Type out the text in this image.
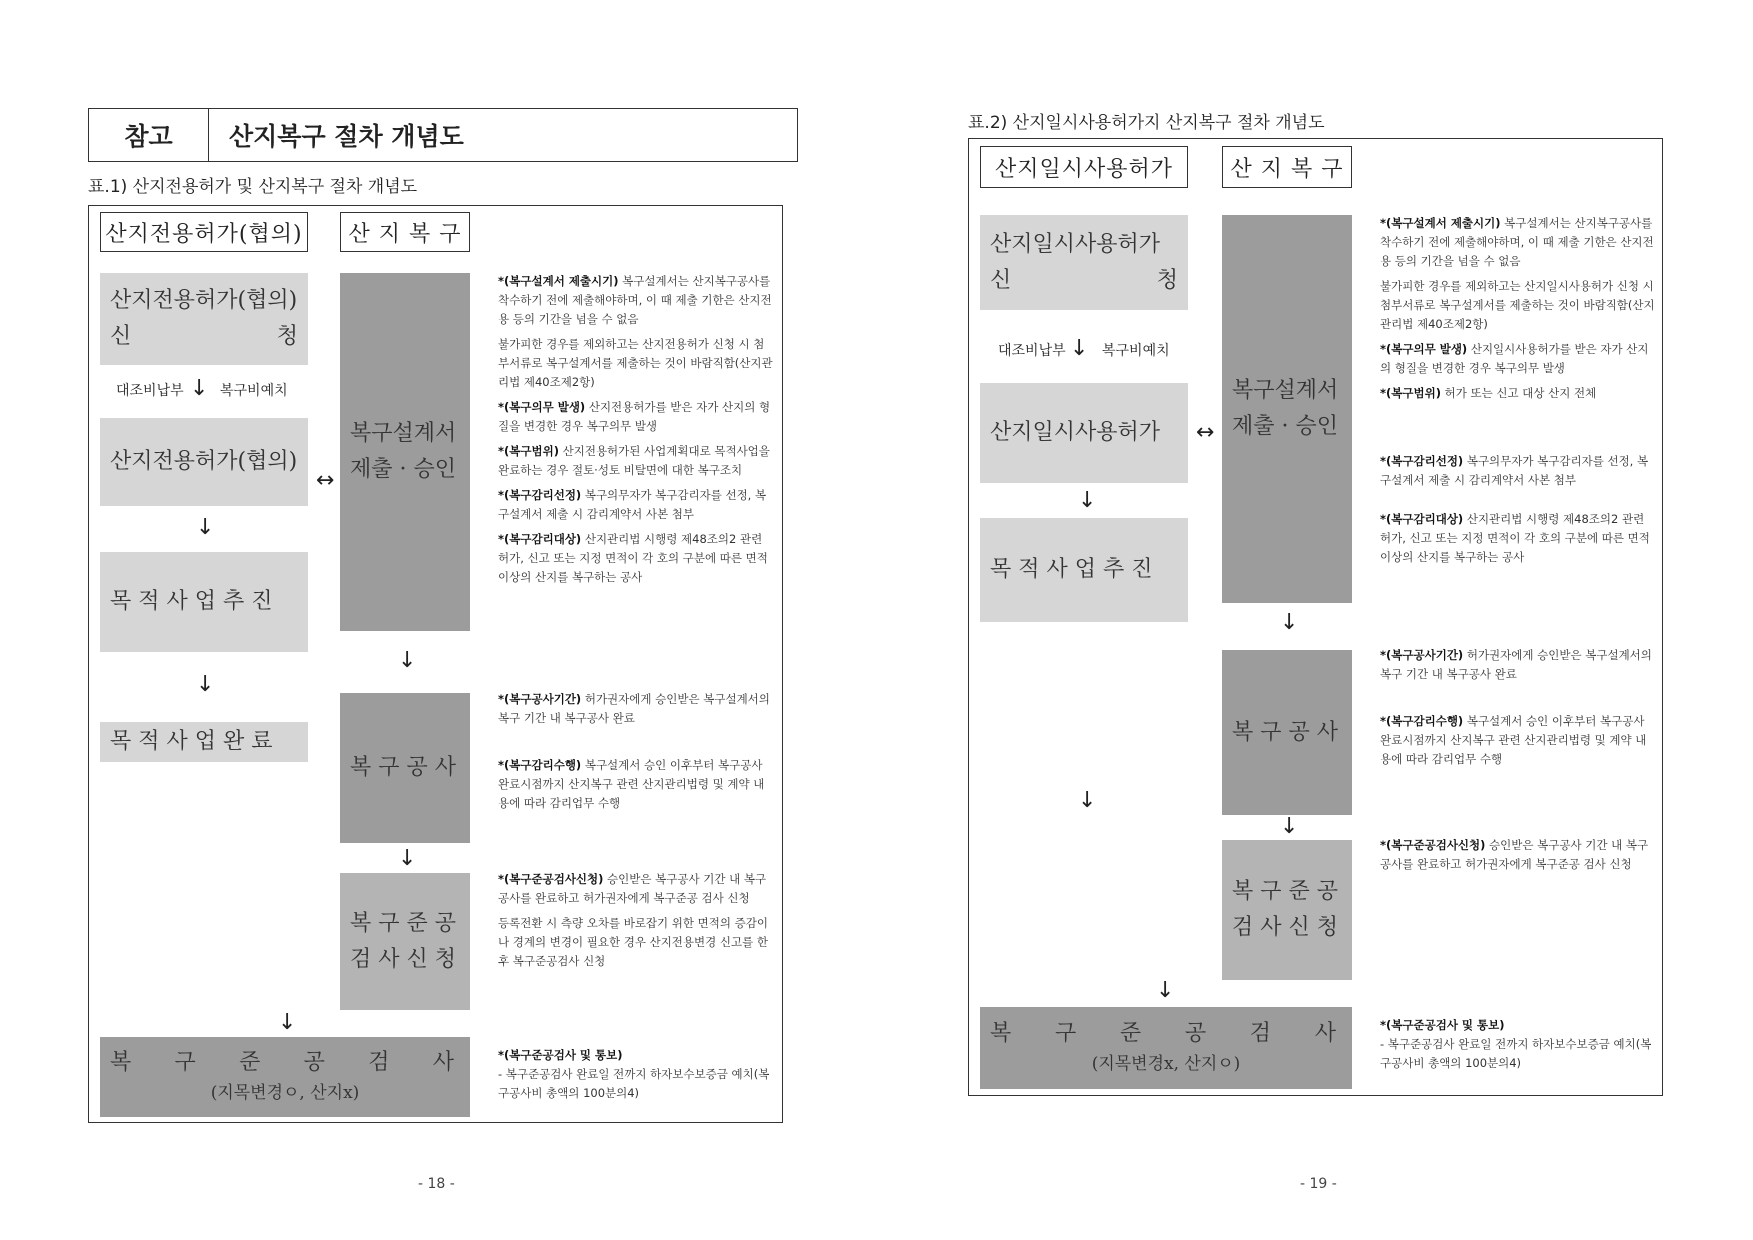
참고	산지복구 절차 개념도
표.1) 산지전용허가 및 산지복구 절차 개념도
산지전용허가(협의)	산 지 복 구
산지전용허가(협의)
신	청
대조비납부 ↓ 복구비예치
산지전용허가(협의)
↔
↓
목 적 사 업 추 진
↓
목 적 사 업 완 료
복구설계서
제출 · 승인
↓
복 구 공 사
↓
복 구 준 공
검 사 신 청
↓
복 구 준 공 검 사
(지목변경ㅇ, 산지x)

*(복구설계서 제출시기) 복구설계서는 산지복구공사를 착수하기 전에 제출해야하며, 이 때 제출 기한은 산지전용 등의 기간을 넘을 수 없음

불가피한 경우를 제외하고는 산지전용허가 신청 시 첨부서류로 복구설계서를 제출하는 것이 바람직함(산지관리법 제40조제2항)

*(복구의무 발생) 산지전용허가를 받은 자가 산지의 형질을 변경한 경우 복구의무 발생

*(복구범위) 산지전용허가된 사업계획대로 목적사업을 완료하는 경우 절토·성토 비탈면에 대한 복구조치

*(복구감리선정) 복구의무자가 복구감리자를 선정, 복구설계서 제출 시 감리계약서 사본 첨부

*(복구감리대상) 산지관리법 시행령 제48조의2 관련 허가, 신고 또는 지정 면적이 각 호의 구분에 따른 면적 이상의 산지를 복구하는 공사

*(복구공사기간) 허가권자에게 승인받은 복구설계서의 복구 기간 내 복구공사 완료

*(복구감리수행) 복구설계서 승인 이후부터 복구공사 완료시점까지 산지복구 관련 산지관리법령 및 계약 내용에 따라 감리업무 수행

*(복구준공검사신청) 승인받은 복구공사 기간 내 복구공사를 완료하고 허가권자에게 복구준공 검사 신청

등록전환 시 측량 오차를 바로잡기 위한 면적의 증감이나 경계의 변경이 필요한 경우 산지전용변경 신고를 한 후 복구준공검사 신청

*(복구준공검사 및 통보)

- 복구준공검사 완료일 전까지 하자보수보증금 예치(복구공사비 총액의 100분의4)

- 18 -
표.2) 산지일시사용허가지 산지복구 절차 개념도
산지일시사용허가	산 지 복 구
산지일시사용허가
신	청
대조비납부 ↓ 복구비예치
산지일시사용허가	↔
↓
목 적 사 업 추 진
↓
복구설계서
제출 · 승인
↓
복 구 공 사
↓
복 구 준 공
검 사 신 청
↓
복 구 준 공 검 사
(지목변경x, 산지ㅇ)

*(복구설계서 제출시기) 복구설계서는 산지복구공사를 착수하기 전에 제출해야하며, 이 때 제출 기한은 산지전용 등의 기간을 넘을 수 없음

불가피한 경우를 제외하고는 산지일시사용허가 신청 시 첨부서류로 복구설계서를 제출하는 것이 바람직함(산지관리법 제40조제2항)

*(복구의무 발생) 산지일시사용허가를 받은 자가 산지의 형질을 변경한 경우 복구의무 발생

*(복구범위) 허가 또는 신고 대상 산지 전체

*(복구감리선정) 복구의무자가 복구감리자를 선정, 복구설계서 제출 시 감리계약서 사본 첨부

*(복구감리대상) 산지관리법 시행령 제48조의2 관련 허가, 신고 또는 지정 면적이 각 호의 구분에 따른 면적 이상의 산지를 복구하는 공사

*(복구공사기간) 허가권자에게 승인받은 복구설계서의 복구 기간 내 복구공사 완료

*(복구감리수행) 복구설계서 승인 이후부터 복구공사 완료시점까지 산지복구 관련 산지관리법령 및 계약 내용에 따라 감리업무 수행

*(복구준공검사신청) 승인받은 복구공사 기간 내 복구공사를 완료하고 허가권자에게 복구준공 검사 신청

*(복구준공검사 및 통보)

- 복구준공검사 완료일 전까지 하자보수보증금 예치(복구공사비 총액의 100분의4)

- 19 -
